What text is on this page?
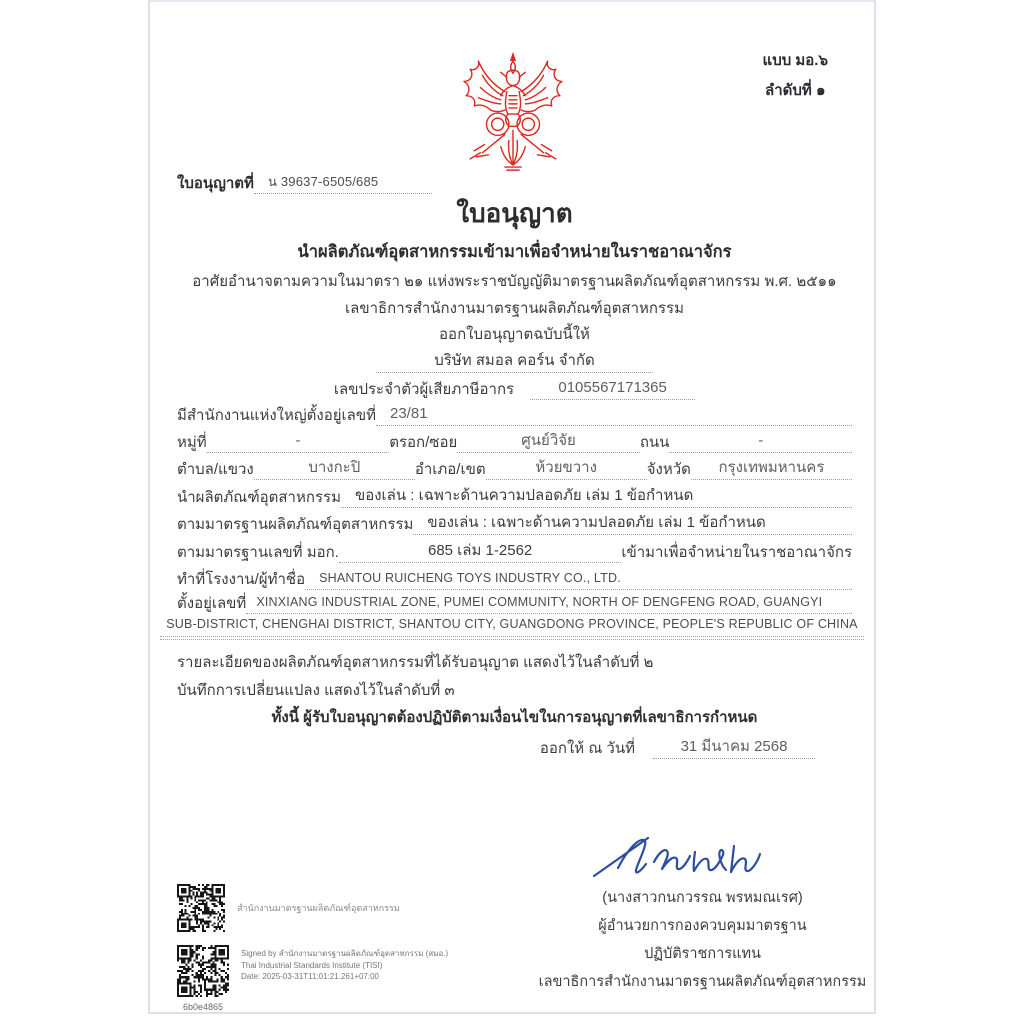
แบบ มอ.๖
ลำดับที่ ๑
ใบอนุญาตที่	น 39637-6505/685
ใบอนุญาต
นำผลิตภัณฑ์อุตสาหกรรมเข้ามาเพื่อจำหน่ายในราชอาณาจักร
อาศัยอำนาจตามความในมาตรา ๒๑ แห่งพระราชบัญญัติมาตรฐานผลิตภัณฑ์อุตสาหกรรม พ.ศ. ๒๕๑๑
เลขาธิการสำนักงานมาตรฐานผลิตภัณฑ์อุตสาหกรรม
ออกใบอนุญาตฉบับนี้ให้
บริษัท สมอล คอร์น จำกัด
เลขประจำตัวผู้เสียภาษีอากร	0105567171365
มีสำนักงานแห่งใหญ่ตั้งอยู่เลขที่ 23/81
หมู่ที่	-	ตรอก/ซอย	ศูนย์วิจัย	ถนน	-
ตำบล/แขวง	บางกะปิ	อำเภอ/เขต	ห้วยขวาง	จังหวัด	กรุงเทพมหานคร
นำผลิตภัณฑ์อุตสาหกรรม ของเล่น : เฉพาะด้านความปลอดภัย เล่ม 1 ข้อกำหนด
ตามมาตรฐานผลิตภัณฑ์อุตสาหกรรม ของเล่น : เฉพาะด้านความปลอดภัย เล่ม 1 ข้อกำหนด
ตามมาตรฐานเลขที่ มอก.	685 เล่ม 1-2562	เข้ามาเพื่อจำหน่ายในราชอาณาจักร
ทำที่โรงงาน/ผู้ทำชื่อ	SHANTOU RUICHENG TOYS INDUSTRY CO., LTD.
ตั้งอยู่เลขที่ XINXIANG INDUSTRIAL ZONE, PUMEI COMMUNITY, NORTH OF DENGFENG ROAD, GUANGYI
SUB-DISTRICT, CHENGHAI DISTRICT, SHANTOU CITY, GUANGDONG PROVINCE, PEOPLE'S REPUBLIC OF CHINA
รายละเอียดของผลิตภัณฑ์อุตสาหกรรมที่ได้รับอนุญาต แสดงไว้ในลำดับที่ ๒
บันทึกการเปลี่ยนแปลง แสดงไว้ในลำดับที่ ๓
ทั้งนี้ ผู้รับใบอนุญาตต้องปฏิบัติตามเงื่อนไขในการอนุญาตที่เลขาธิการกำหนด
ออกให้ ณ วันที่	31 มีนาคม 2568
(นางสาวกนกวรรณ พรหมณเรศ)
ผู้อำนวยการกองควบคุมมาตรฐาน
ปฏิบัติราชการแทน
เลขาธิการสำนักงานมาตรฐานผลิตภัณฑ์อุตสาหกรรม
สำนักงานมาตรฐานผลิตภัณฑ์อุตสาหกรรม
6b0e4865
Signed by สำนักงานมาตรฐานผลิตภัณฑ์อุตสาหกรรม (สมอ.)
Thai Industrial Standards Institute (TISI)
Date: 2025-03-31T11:01:21.261+07:00
